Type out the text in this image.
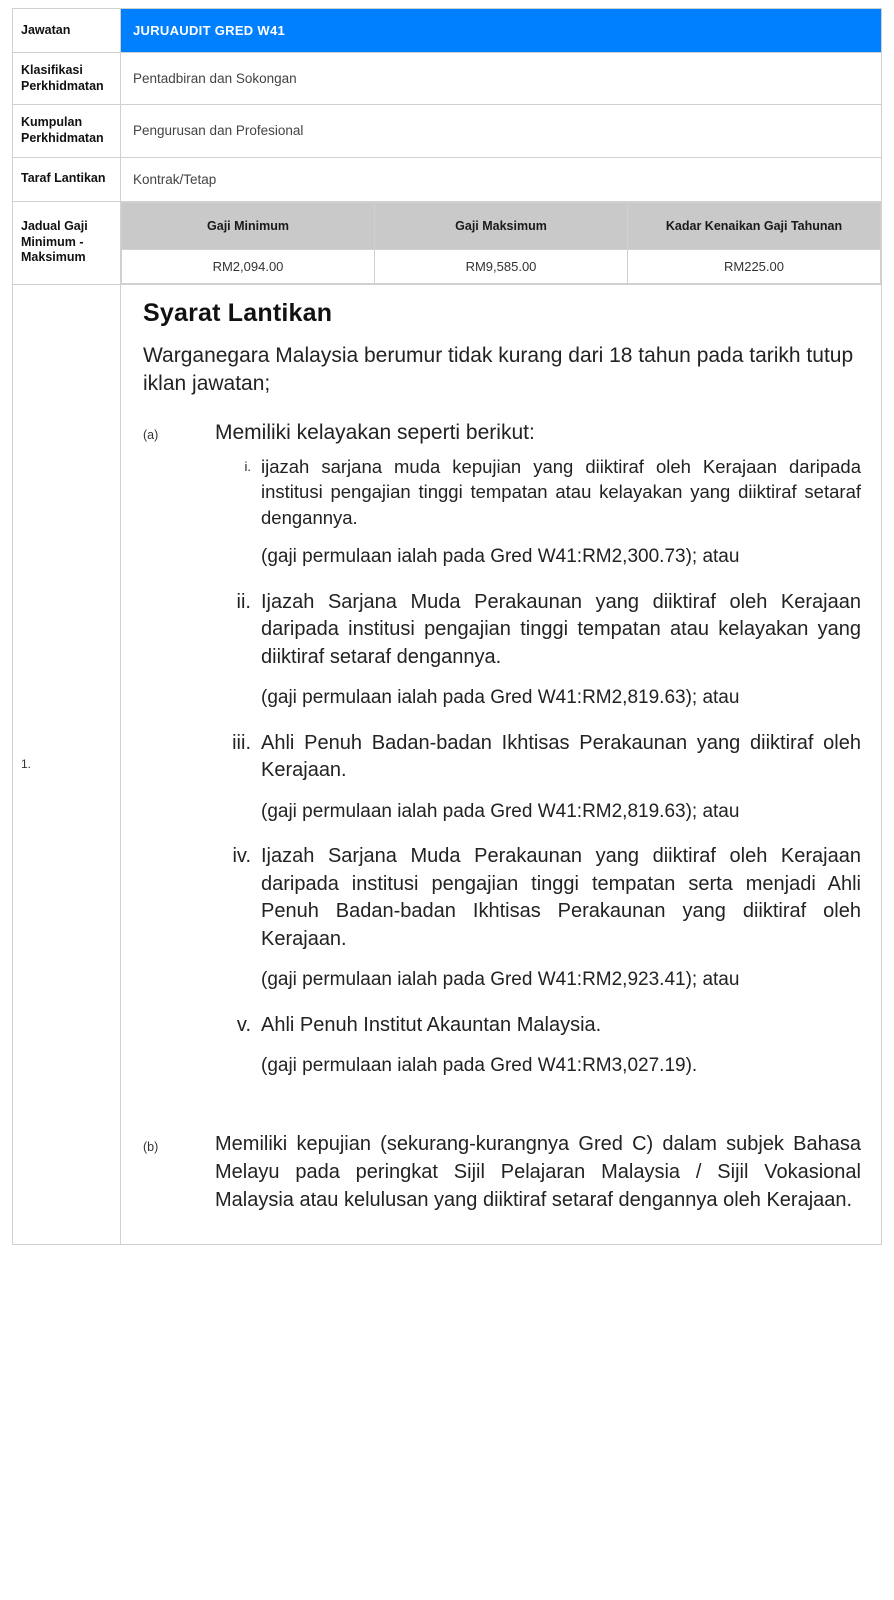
Jawatan	JURUAUDIT GRED W41
Klasifikasi Perkhidmatan	Pentadbiran dan Sokongan
Kumpulan Perkhidmatan	Pengurusan dan Profesional
Taraf Lantikan	Kontrak/Tetap
Jadual Gaji Minimum - Maksimum	
Gaji Minimum	Gaji Maksimum	Kadar Kenaikan Gaji Tahunan
RM2,094.00	RM9,585.00	RM225.00

1.	
Syarat Lantikan

Warganegara Malaysia berumur tidak kurang dari 18 tahun pada tarikh tutup iklan jawatan;

(a)	Memiliki kelayakan seperti berikut:

i. ijazah sarjana muda kepujian yang diiktiraf oleh Kerajaan daripada institusi pengajian tinggi tempatan atau kelayakan yang diiktiraf setaraf dengannya.

(gaji permulaan ialah pada Gred W41:RM2,300.73); atau

ii. Ijazah Sarjana Muda Perakaunan yang diiktiraf oleh Kerajaan daripada institusi pengajian tinggi tempatan atau kelayakan yang diiktiraf setaraf dengannya.

(gaji permulaan ialah pada Gred W41:RM2,819.63); atau

iii. Ahli Penuh Badan-badan Ikhtisas Perakaunan yang diiktiraf oleh Kerajaan.

(gaji permulaan ialah pada Gred W41:RM2,819.63); atau

iv. Ijazah Sarjana Muda Perakaunan yang diiktiraf oleh Kerajaan daripada institusi pengajian tinggi tempatan serta menjadi Ahli Penuh Badan-badan Ikhtisas Perakaunan yang diiktiraf oleh Kerajaan.

(gaji permulaan ialah pada Gred W41:RM2,923.41); atau

v. Ahli Penuh Institut Akauntan Malaysia.

(gaji permulaan ialah pada Gred W41:RM3,027.19).

(b)	Memiliki kepujian (sekurang-kurangnya Gred C) dalam subjek Bahasa Melayu pada peringkat Sijil Pelajaran Malaysia / Sijil Vokasional Malaysia atau kelulusan yang diiktiraf setaraf dengannya oleh Kerajaan.
